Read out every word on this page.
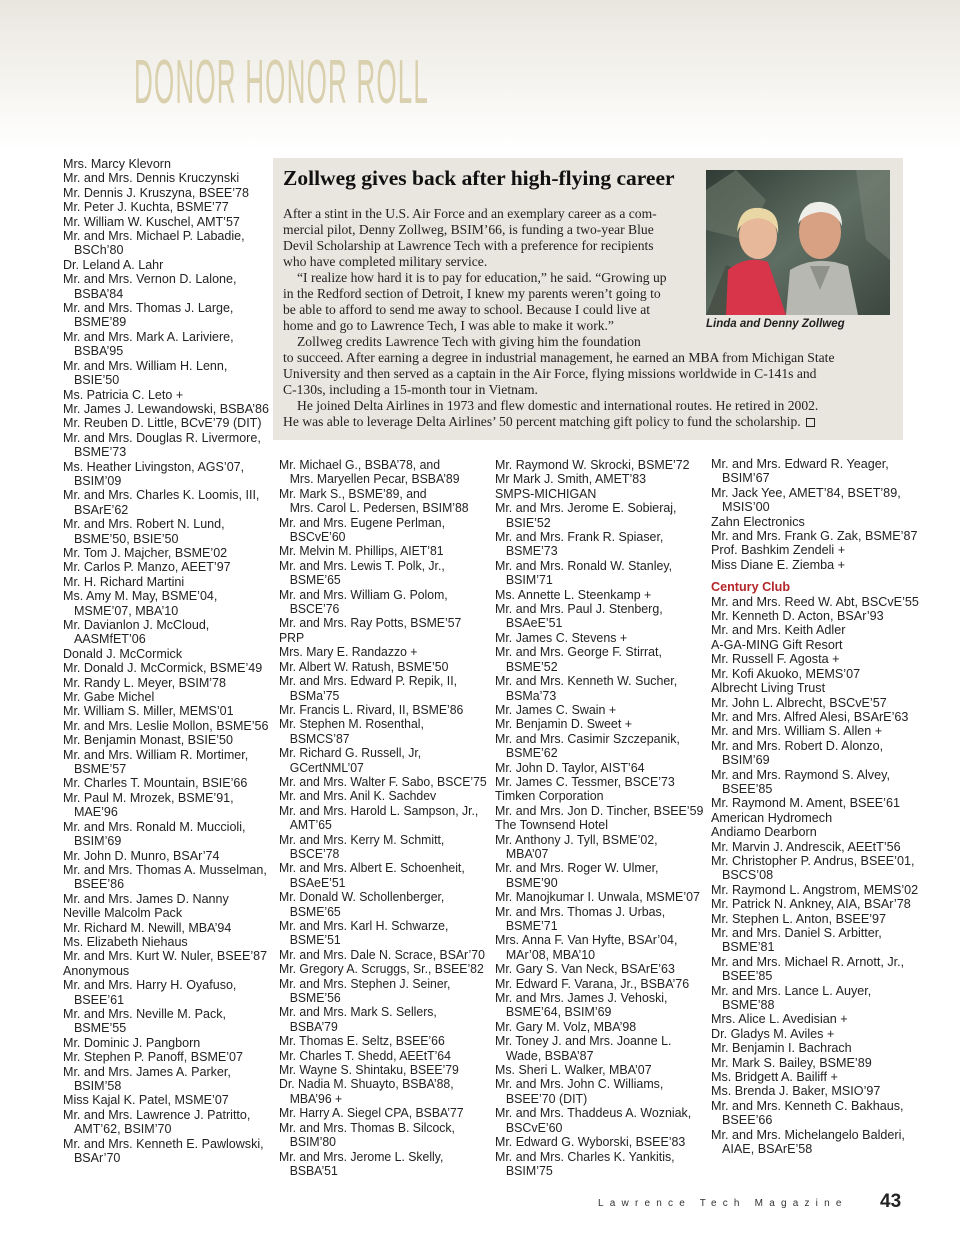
D O N O R
H O N O R
R O L L
Mrs. Marcy Klevorn
Mr. and Mrs. Dennis Kruczynski
Mr. Dennis J. Kruszyna, BSEE’78
Mr. Peter J. Kuchta, BSME’77
Mr. William W. Kuschel, AMT’57
Mr. and Mrs. Michael P. Labadie,
BSCh’80
Dr. Leland A. Lahr
Mr. and Mrs. Vernon D. Lalone,
BSBA’84
Mr. and Mrs. Thomas J. Large,
BSME’89
Mr. and Mrs. Mark A. Lariviere,
BSBA’95
Mr. and Mrs. William H. Lenn,
BSIE’50
Ms. Patricia C. Leto +
Mr. James J. Lewandowski, BSBA’86
Mr. Reuben D. Little, BCvE’79 (DIT)
Mr. and Mrs. Douglas R. Livermore,
BSME’73
Ms. Heather Livingston, AGS’07,
BSIM’09
Mr. and Mrs. Charles K. Loomis, III,
BSArE’62
Mr. and Mrs. Robert N. Lund,
BSME’50, BSIE’50
Mr. Tom J. Majcher, BSME’02
Mr. Carlos P. Manzo, AEET’97
Mr. H. Richard Martini
Ms. Amy M. May, BSME’04,
MSME’07, MBA’10
Mr. Davianlon J. McCloud,
AASMfET’06
Donald J. McCormick
Mr. Donald J. McCormick, BSME’49
Mr. Randy L. Meyer, BSIM’78
Mr. Gabe Michel
Mr. William S. Miller, MEMS’01
Mr. and Mrs. Leslie Mollon, BSME’56
Mr. Benjamin Monast, BSIE’50
Mr. and Mrs. William R. Mortimer,
BSME’57
Mr. Charles T. Mountain, BSIE’66
Mr. Paul M. Mrozek, BSME’91,
MAE’96
Mr. and Mrs. Ronald M. Muccioli,
BSIM’69
Mr. John D. Munro, BSAr’74
Mr. and Mrs. Thomas A. Musselman,
BSEE’86
Mr. and Mrs. James D. Nanny
Neville Malcolm Pack
Mr. Richard M. Newill, MBA’94
Ms. Elizabeth Niehaus
Mr. and Mrs. Kurt W. Nuler, BSEE’87
Anonymous
Mr. and Mrs. Harry H. Oyafuso,
BSEE’61
Mr. and Mrs. Neville M. Pack,
BSME’55
Mr. Dominic J. Pangborn
Mr. Stephen P. Panoff, BSME’07
Mr. and Mrs. James A. Parker,
BSIM’58
Miss Kajal K. Patel, MSME’07
Mr. and Mrs. Lawrence J. Patritto,
AMT’62, BSIM’70
Mr. and Mrs. Kenneth E. Pawlowski,
BSAr’70
Zollweg gives back after high-flying career
After a stint in the U.S. Air Force and an exemplary career as a com-
mercial pilot, Denny Zollweg, BSIM’66, is funding a two-year Blue
Devil Scholarship at Lawrence Tech with a preference for recipients
who have completed military service.
“I realize how hard it is to pay for education,” he said. “Growing up
in the Redford section of Detroit, I knew my parents weren’t going to
be able to afford to send me away to school. Because I could live at
home and go to Lawrence Tech, I was able to make it work.”
Zollweg credits Lawrence Tech with giving him the foundation
to succeed. After earning a degree in industrial management, he earned an MBA from Michigan State
University and then served as a captain in the Air Force, flying missions worldwide in C-141s and
C-130s, including a 15-month tour in Vietnam.
He joined Delta Airlines in 1973 and flew domestic and international routes. He retired in 2002.
He was able to leverage Delta Airlines’ 50 percent matching gift policy to fund the scholarship.
Linda and Denny Zollweg
Mr. Michael G., BSBA’78, and
Mrs. Maryellen Pecar, BSBA’89
Mr. Mark S., BSME’89, and
Mrs. Carol L. Pedersen, BSIM’88
Mr. and Mrs. Eugene Perlman,
BSCvE’60
Mr. Melvin M. Phillips, AIET’81
Mr. and Mrs. Lewis T. Polk, Jr.,
BSME’65
Mr. and Mrs. William G. Polom,
BSCE’76
Mr. and Mrs. Ray Potts, BSME’57
PRP
Mrs. Mary E. Randazzo +
Mr. Albert W. Ratush, BSME’50
Mr. and Mrs. Edward P. Repik, II,
BSMa’75
Mr. Francis L. Rivard, II, BSME’86
Mr. Stephen M. Rosenthal,
BSMCS’87
Mr. Richard G. Russell, Jr,
GCertNML’07
Mr. and Mrs. Walter F. Sabo, BSCE’75
Mr. and Mrs. Anil K. Sachdev
Mr. and Mrs. Harold L. Sampson, Jr.,
AMT’65
Mr. and Mrs. Kerry M. Schmitt,
BSCE’78
Mr. and Mrs. Albert E. Schoenheit,
BSAeE’51
Mr. Donald W. Schollenberger,
BSME’65
Mr. and Mrs. Karl H. Schwarze,
BSME’51
Mr. and Mrs. Dale N. Scrace, BSAr’70
Mr. Gregory A. Scruggs, Sr., BSEE’82
Mr. and Mrs. Stephen J. Seiner,
BSME’56
Mr. and Mrs. Mark S. Sellers,
BSBA’79
Mr. Thomas E. Seltz, BSEE’66
Mr. Charles T. Shedd, AEEtT’64
Mr. Wayne S. Shintaku, BSEE’79
Dr. Nadia M. Shuayto, BSBA’88,
MBA’96 +
Mr. Harry A. Siegel CPA, BSBA’77
Mr. and Mrs. Thomas B. Silcock,
BSIM’80
Mr. and Mrs. Jerome L. Skelly,
BSBA’51
Mr. Raymond W. Skrocki, BSME’72
Mr Mark J. Smith, AMET’83
SMPS-MICHIGAN
Mr. and Mrs. Jerome E. Sobieraj,
BSIE’52
Mr. and Mrs. Frank R. Spiaser,
BSME’73
Mr. and Mrs. Ronald W. Stanley,
BSIM’71
Ms. Annette L. Steenkamp +
Mr. and Mrs. Paul J. Stenberg,
BSAeE’51
Mr. James C. Stevens +
Mr. and Mrs. George F. Stirrat,
BSME’52
Mr. and Mrs. Kenneth W. Sucher,
BSMa’73
Mr. James C. Swain +
Mr. Benjamin D. Sweet +
Mr. and Mrs. Casimir Szczepanik,
BSME’62
Mr. John D. Taylor, AIST’64
Mr. James C. Tessmer, BSCE’73
Timken Corporation
Mr. and Mrs. Jon D. Tincher, BSEE’59
The Townsend Hotel
Mr. Anthony J. Tyll, BSME’02,
MBA’07
Mr. and Mrs. Roger W. Ulmer,
BSME’90
Mr. Manojkumar I. Unwala, MSME’07
Mr. and Mrs. Thomas J. Urbas,
BSME’71
Mrs. Anna F. Van Hyfte, BSAr’04,
MAr’08, MBA’10
Mr. Gary S. Van Neck, BSArE’63
Mr. Edward F. Varana, Jr., BSBA’76
Mr. and Mrs. James J. Vehoski,
BSME’64, BSIM’69
Mr. Gary M. Volz, MBA’98
Mr. Toney J. and Mrs. Joanne L.
Wade, BSBA’87
Ms. Sheri L. Walker, MBA’07
Mr. and Mrs. John C. Williams,
BSEE’70 (DIT)
Mr. and Mrs. Thaddeus A. Wozniak,
BSCvE’60
Mr. Edward G. Wyborski, BSEE’83
Mr. and Mrs. Charles K. Yankitis,
BSIM’75
Mr. and Mrs. Edward R. Yeager,
BSIM’67
Mr. Jack Yee, AMET’84, BSET’89,
MSIS’00
Zahn Electronics
Mr. and Mrs. Frank G. Zak, BSME’87
Prof. Bashkim Zendeli +
Miss Diane E. Ziemba +
Century Club
Mr. and Mrs. Reed W. Abt, BSCvE’55
Mr. Kenneth D. Acton, BSAr’93
Mr. and Mrs. Keith Adler
A-GA-MING Gift Resort
Mr. Russell F. Agosta +
Mr. Kofi Akuoko, MEMS’07
Albrecht Living Trust
Mr. John L. Albrecht, BSCvE’57
Mr. and Mrs. Alfred Alesi, BSArE’63
Mr. and Mrs. William S. Allen +
Mr. and Mrs. Robert D. Alonzo,
BSIM’69
Mr. and Mrs. Raymond S. Alvey,
BSEE’85
Mr. Raymond M. Ament, BSEE’61
American Hydromech
Andiamo Dearborn
Mr. Marvin J. Andrescik, AEEtT’56
Mr. Christopher P. Andrus, BSEE’01,
BSCS’08
Mr. Raymond L. Angstrom, MEMS’02
Mr. Patrick N. Ankney, AIA, BSAr’78
Mr. Stephen L. Anton, BSEE’97
Mr. and Mrs. Daniel S. Arbitter,
BSME’81
Mr. and Mrs. Michael R. Arnott, Jr.,
BSEE’85
Mr. and Mrs. Lance L. Auyer,
BSME’88
Mrs. Alice L. Avedisian +
Dr. Gladys M. Aviles +
Mr. Benjamin I. Bachrach
Mr. Mark S. Bailey, BSME’89
Ms. Bridgett A. Bailiff +
Ms. Brenda J. Baker, MSIO’97
Mr. and Mrs. Kenneth C. Bakhaus,
BSEE’66
Mr. and Mrs. Michelangelo Balderi,
AIAE, BSArE’58
Lawrence Tech Magazine 43
